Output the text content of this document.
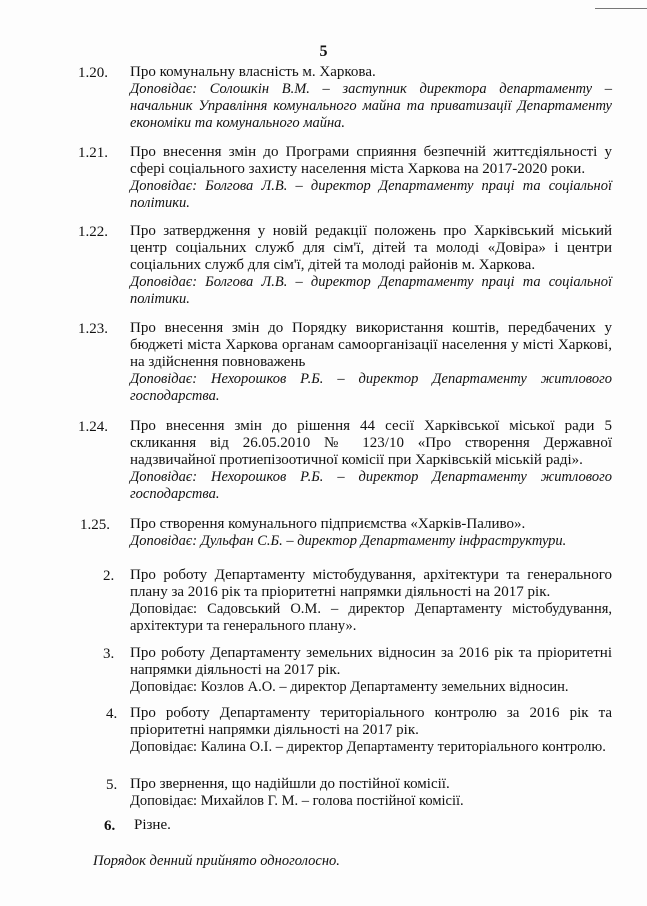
5
1.20. Про комунальну власність м. Харкова.

Доповідає: Солошкін В.М. – заступник директора департаменту – начальник Управління комунального майна та приватизації Департаменту економіки та комунального майна.

1.21. Про внесення змін до Програми сприяння безпечній життєдіяльності у сфері соціального захисту населення міста Харкова на 2017-2020 роки.

Доповідає: Болгова Л.В. – директор Департаменту праці та соціальної політики.

1.22. Про затвердження у новій редакції положень про Харківський міський центр соціальних служб для сім'ї, дітей та молоді «Довіра» і центри соціальних служб для сім'ї, дітей та молоді районів м. Харкова.

Доповідає: Болгова Л.В. – директор Департаменту праці та соціальної політики.

1.23. Про внесення змін до Порядку використання коштів, передбачених у бюджеті міста Харкова органам самоорганізації населення у місті Харкові, на здійснення повноважень

Доповідає: Нехорошков Р.Б. – директор Департаменту житлового господарства.

1.24. Про внесення змін до рішення 44 сесії Харківської міської ради 5 скликання від 26.05.2010 № 123/10 «Про створення Державної надзвичайної протиепізоотичної комісії при Харківській міській раді».

Доповідає: Нехорошков Р.Б. – директор Департаменту житлового господарства.

1.25. Про створення комунального підприємства «Харків-Паливо».

Доповідає: Дульфан С.Б. – директор Департаменту інфраструктури.

2. Про роботу Департаменту містобудування, архітектури та генерального плану за 2016 рік та пріоритетні напрямки діяльності на 2017 рік.

Доповідає: Садовський О.М. – директор Департаменту містобудування, архітектури та генерального плану».

3. Про роботу Департаменту земельних відносин за 2016 рік та пріоритетні напрямки діяльності на 2017 рік.

Доповідає: Козлов А.О. – директор Департаменту земельних відносин.

4. Про роботу Департаменту територіального контролю за 2016 рік та пріоритетні напрямки діяльності на 2017 рік.

Доповідає: Калина О.І. – директор Департаменту територіального контролю.

5. Про звернення, що надійшли до постійної комісії.

Доповідає: Михайлов Г. М. – голова постійної комісії.

6. Різне.

Порядок денний прийнято одноголосно.
